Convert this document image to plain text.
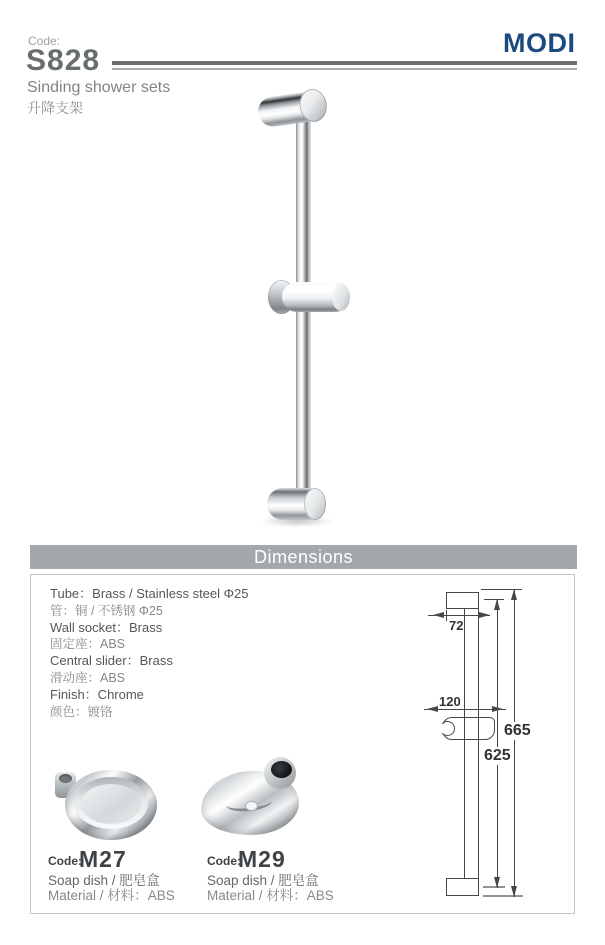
Code:
S828
MODI
Sinding shower sets
升降支架
Dimensions
Tube：Brass / Stainless steel Φ25
管：铜 / 不锈钢 Φ25
Wall socket：Brass
固定座：ABS
Central slider：Brass
滑动座：ABS
Finish：Chrome
颜色：镀铬
72
120
665
625
Code:
M27
Soap dish / 肥皂盒
Material / 材料：ABS
Code:
M29
Soap dish / 肥皂盒
Material / 材料：ABS
